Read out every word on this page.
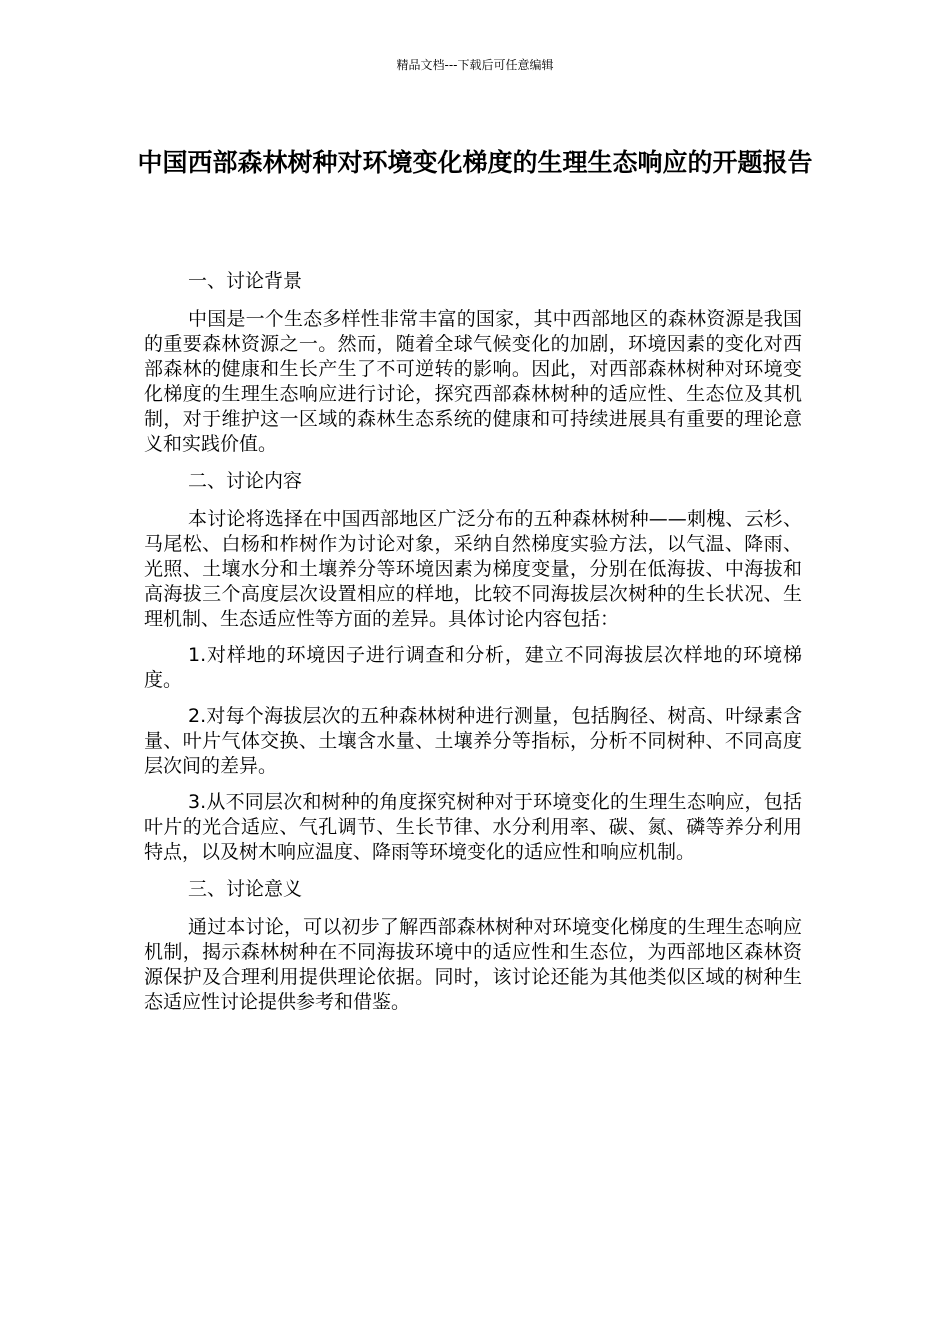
精品文档---下载后可任意编辑
中国西部森林树种对环境变化梯度的生理生态响应的开题报告
一、讨论背景

中国是一个生态多样性非常丰富的国家，其中西部地区的森林资源是我国的重要森林资源之一。然而，随着全球气候变化的加剧，环境因素的变化对西部森林的健康和生长产生了不可逆转的影响。因此，对西部森林树种对环境变化梯度的生理生态响应进行讨论，探究西部森林树种的适应性、生态位及其机制，对于维护这一区域的森林生态系统的健康和可持续进展具有重要的理论意义和实践价值。

二、讨论内容

本讨论将选择在中国西部地区广泛分布的五种森林树种——刺槐、云杉、马尾松、白杨和柞树作为讨论对象，采纳自然梯度实验方法，以气温、降雨、光照、土壤水分和土壤养分等环境因素为梯度变量，分别在低海拔、中海拔和高海拔三个高度层次设置相应的样地，比较不同海拔层次树种的生长状况、生理机制、生态适应性等方面的差异。具体讨论内容包括：

1.对样地的环境因子进行调查和分析，建立不同海拔层次样地的环境梯度。

2.对每个海拔层次的五种森林树种进行测量，包括胸径、树高、叶绿素含量、叶片气体交换、土壤含水量、土壤养分等指标，分析不同树种、不同高度层次间的差异。

3.从不同层次和树种的角度探究树种对于环境变化的生理生态响应，包括叶片的光合适应、气孔调节、生长节律、水分利用率、碳、氮、磷等养分利用特点，以及树木响应温度、降雨等环境变化的适应性和响应机制。

三、讨论意义

通过本讨论，可以初步了解西部森林树种对环境变化梯度的生理生态响应机制，揭示森林树种在不同海拔环境中的适应性和生态位，为西部地区森林资源保护及合理利用提供理论依据。同时，该讨论还能为其他类似区域的树种生态适应性讨论提供参考和借鉴。
